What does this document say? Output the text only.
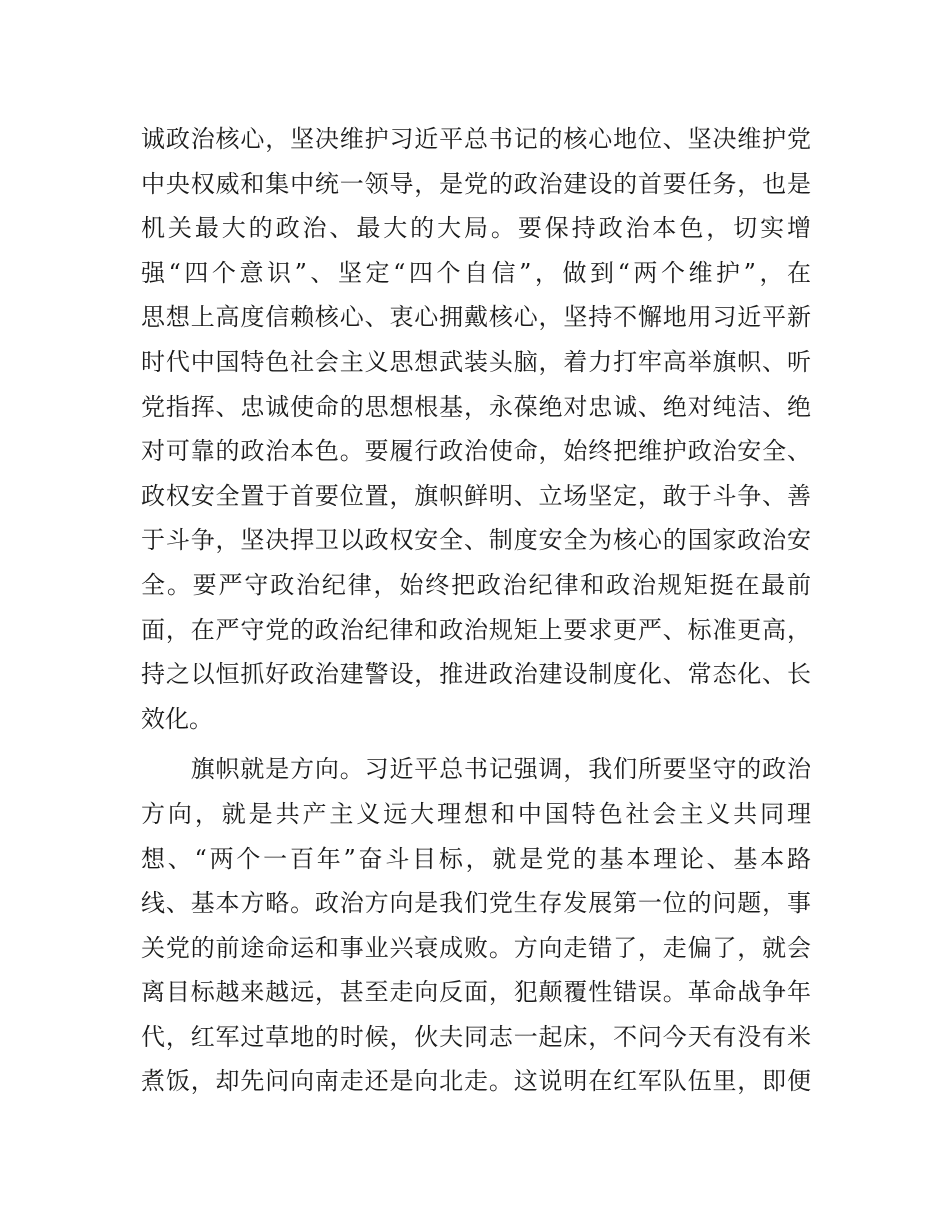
诚政治核心，坚决维护习近平总书记的核心地位、坚决维护党
中央权威和集中统一领导，是党的政治建设的首要任务，也是
机关最大的政治、最大的大局。要保持政治本色，切实增
强“四个意识”、坚定“四个自信”，做到“两个维护”，在
思想上高度信赖核心、衷心拥戴核心，坚持不懈地用习近平新
时代中国特色社会主义思想武装头脑，着力打牢高举旗帜、听
党指挥、忠诚使命的思想根基，永葆绝对忠诚、绝对纯洁、绝
对可靠的政治本色。要履行政治使命，始终把维护政治安全、
政权安全置于首要位置，旗帜鲜明、立场坚定，敢于斗争、善
于斗争，坚决捍卫以政权安全、制度安全为核心的国家政治安
全。要严守政治纪律，始终把政治纪律和政治规矩挺在最前
面，在严守党的政治纪律和政治规矩上要求更严、标准更高，
持之以恒抓好政治建警设，推进政治建设制度化、常态化、长
效化。
　　旗帜就是方向。习近平总书记强调，我们所要坚守的政治
方向，就是共产主义远大理想和中国特色社会主义共同理
想、“两个一百年”奋斗目标，就是党的基本理论、基本路
线、基本方略。政治方向是我们党生存发展第一位的问题，事
关党的前途命运和事业兴衰成败。方向走错了，走偏了，就会
离目标越来越远，甚至走向反面，犯颠覆性错误。革命战争年
代，红军过草地的时候，伙夫同志一起床，不问今天有没有米
煮饭，却先问向南走还是向北走。这说明在红军队伍里，即便
